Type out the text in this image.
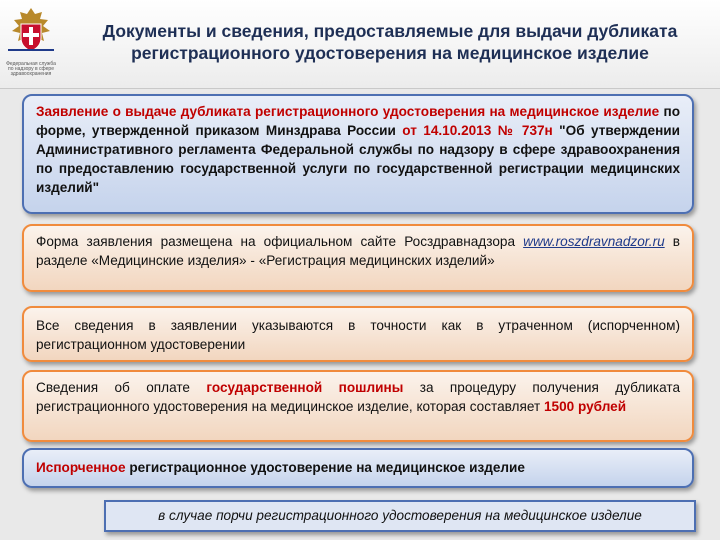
Федеральная служба по надзору в сфере здравоохранения
Документы и сведения, предоставляемые для выдачи дубликата
регистрационного удостоверения на медицинское изделие
Заявление о выдаче дубликата регистрационного удостоверения на медицинское изделие по форме, утвержденной приказом Минздрава России от 14.10.2013 № 737н "Об утверждении Административного регламента Федеральной службы по надзору в сфере здравоохранения по предоставлению государственной услуги по государственной регистрации медицинских изделий"
Форма заявления размещена на официальном сайте Росздравнадзора www.roszdravnadzor.ru в разделе «Медицинские изделия» - «Регистрация медицинских изделий»
Все сведения в заявлении указываются в точности как в утраченном (испорченном) регистрационном удостоверении
Сведения об оплате государственной пошлины за процедуру получения дубликата регистрационного удостоверения на медицинское изделие, которая составляет 1500 рублей
Испорченное регистрационное удостоверение на медицинское изделие
в случае порчи регистрационного удостоверения на медицинское изделие
